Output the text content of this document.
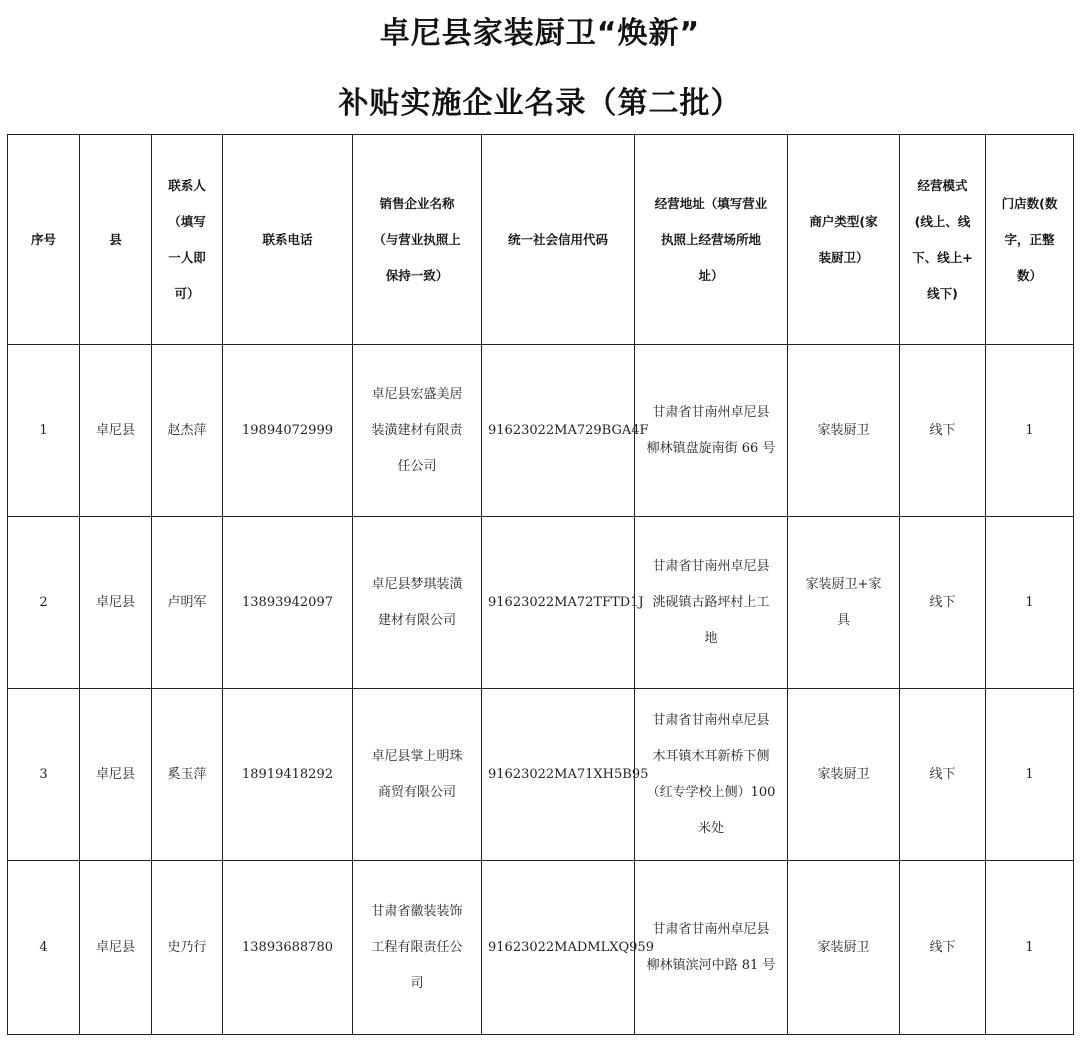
卓尼县家装厨卫“焕新”
补贴实施企业名录（第二批）
序号	县	联系人
（填写
一人即
可）	联系电话	销售企业名称
（与营业执照上
保持一致）	统一社会信用代码	经营地址（填写营业
执照上经营场所地
址）	商户类型(家
装厨卫）	经营模式
(线上、线
下、线上+
线下)	门店数(数
字，正整
数）
1	卓尼县	赵杰萍	19894072999	卓尼县宏盛美居
装潢建材有限责
任公司	91623022MA729BGA4F	甘肃省甘南州卓尼县
柳林镇盘旋南街 66 号	家装厨卫	线下	1
2	卓尼县	卢明军	13893942097	卓尼县梦琪装潢
建材有限公司	91623022MA72TFTD1J	甘肃省甘南州卓尼县
洮砚镇古路坪村上工
地	家装厨卫+家
具	线下	1
3	卓尼县	奚玉萍	18919418292	卓尼县掌上明珠
商贸有限公司	91623022MA71XH5B95	甘肃省甘南州卓尼县
木耳镇木耳新桥下侧
（红专学校上侧）100
米处	家装厨卫	线下	1
4	卓尼县	史乃行	13893688780	甘肃省徽装装饰
工程有限责任公
司	91623022MADMLXQ959	甘肃省甘南州卓尼县
柳林镇滨河中路 81 号	家装厨卫	线下	1
